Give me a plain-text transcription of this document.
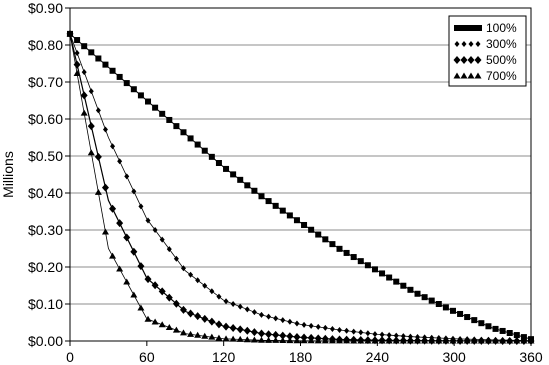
$0.00
$0.10
$0.20
$0.30
$0.40
$0.50
$0.60
$0.70
$0.80
$0.90
0	60	120	180	240	300	360
Millions
100%
300%
500%
700%
